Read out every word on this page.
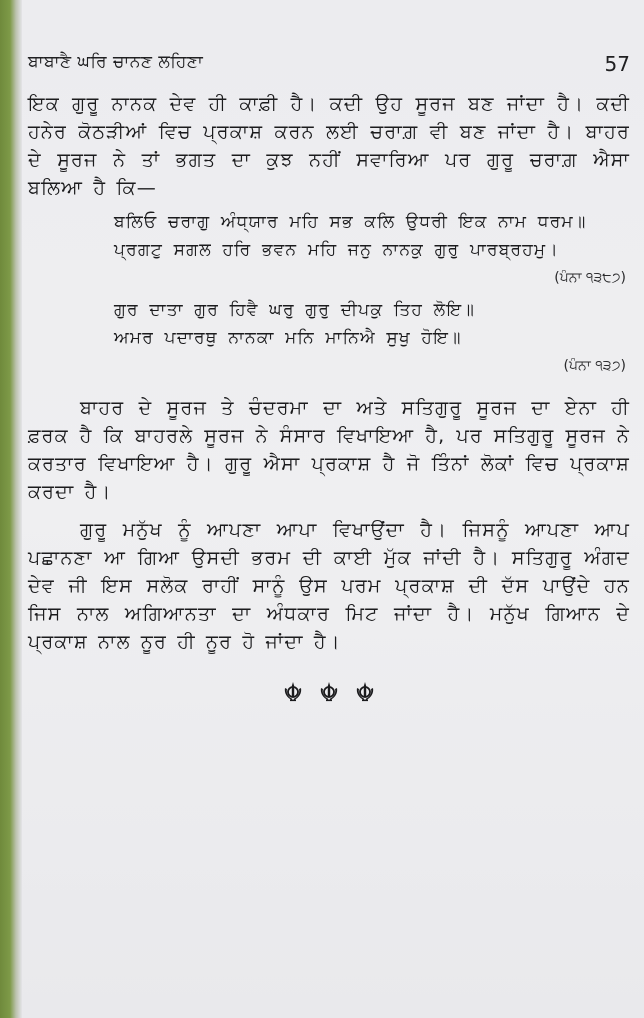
ਬਾਬਾਣੈ ਘਰਿ ਚਾਨਣ ਲਹਿਣਾ	57

ਇਕ ਗੁਰੂ ਨਾਨਕ ਦੇਵ ਹੀ ਕਾਫ਼ੀ ਹੈ। ਕਦੀ ਉਹ ਸੂਰਜ ਬਣ ਜਾਂਦਾ ਹੈ। ਕਦੀ ਹਨੇਰ ਕੋਠੜੀਆਂ ਵਿਚ ਪ੍ਰਕਾਸ਼ ਕਰਨ ਲਈ ਚਰਾਗ਼ ਵੀ ਬਣ ਜਾਂਦਾ ਹੈ। ਬਾਹਰ ਦੇ ਸੂਰਜ ਨੇ ਤਾਂ ਭਗਤ ਦਾ ਕੁਝ ਨਹੀਂ ਸਵਾਰਿਆ ਪਰ ਗੁਰੂ ਚਰਾਗ਼ ਐਸਾ ਬਲਿਆ ਹੈ ਕਿ—

ਬਲਿਓ ਚਰਾਗੁ ਅੰਧ੍ਯਾਰ ਮਹਿ ਸਭ ਕਲਿ ਉਧਰੀ ਇਕ ਨਾਮ ਧਰਮ॥
ਪ੍ਰਗਟੁ ਸਗਲ ਹਰਿ ਭਵਨ ਮਹਿ ਜਨੁ ਨਾਨਕੁ ਗੁਰੁ ਪਾਰਬ੍ਰਹਮੁ।
(ਪੰਨਾ ੧੩੮੭)
ਗੁਰ ਦਾਤਾ ਗੁਰ ਹਿਵੈ ਘਰੁ ਗੁਰੁ ਦੀਪਕੁ ਤਿਹ ਲੋਇ॥
ਅਮਰ ਪਦਾਰਥੁ ਨਾਨਕਾ ਮਨਿ ਮਾਨਿਐ ਸੁਖੁ ਹੋਇ॥
(ਪੰਨਾ ੧੩੭)

ਬਾਹਰ ਦੇ ਸੂਰਜ ਤੇ ਚੰਦਰਮਾ ਦਾ ਅਤੇ ਸਤਿਗੁਰੂ ਸੂਰਜ ਦਾ ਏਨਾ ਹੀ ਫ਼ਰਕ ਹੈ ਕਿ ਬਾਹਰਲੇ ਸੂਰਜ ਨੇ ਸੰਸਾਰ ਵਿਖਾਇਆ ਹੈ, ਪਰ ਸਤਿਗੁਰੂ ਸੂਰਜ ਨੇ ਕਰਤਾਰ ਵਿਖਾਇਆ ਹੈ। ਗੁਰੂ ਐਸਾ ਪ੍ਰਕਾਸ਼ ਹੈ ਜੋ ਤਿੰਨਾਂ ਲੋਕਾਂ ਵਿਚ ਪ੍ਰਕਾਸ਼ ਕਰਦਾ ਹੈ।

ਗੁਰੂ ਮਨੁੱਖ ਨੂੰ ਆਪਣਾ ਆਪਾ ਵਿਖਾਉਂਦਾ ਹੈ। ਜਿਸਨੂੰ ਆਪਣਾ ਆਪ ਪਛਾਨਣਾ ਆ ਗਿਆ ਉਸਦੀ ਭਰਮ ਦੀ ਕਾਈ ਮੁੱਕ ਜਾਂਦੀ ਹੈ। ਸਤਿਗੁਰੂ ਅੰਗਦ ਦੇਵ ਜੀ ਇਸ ਸਲੋਕ ਰਾਹੀਂ ਸਾਨੂੰ ਉਸ ਪਰਮ ਪ੍ਰਕਾਸ਼ ਦੀ ਦੱਸ ਪਾਉਂਦੇ ਹਨ ਜਿਸ ਨਾਲ ਅਗਿਆਨਤਾ ਦਾ ਅੰਧਕਾਰ ਮਿਟ ਜਾਂਦਾ ਹੈ। ਮਨੁੱਖ ਗਿਆਨ ਦੇ ਪ੍ਰਕਾਸ਼ ਨਾਲ ਨੂਰ ਹੀ ਨੂਰ ਹੋ ਜਾਂਦਾ ਹੈ।
